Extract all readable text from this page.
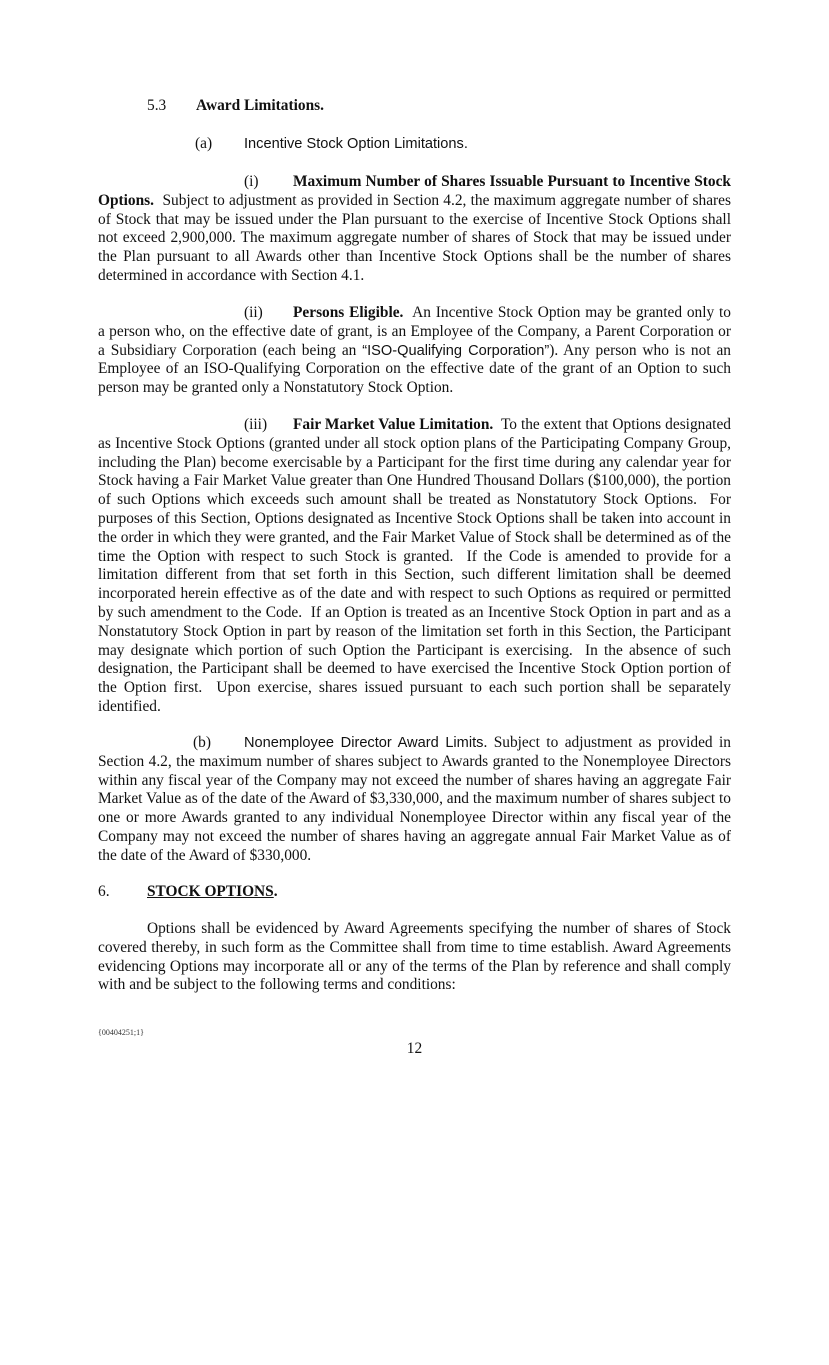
5.3 Award Limitations.
(a) Incentive Stock Option Limitations.
(i) Maximum Number of Shares Issuable Pursuant to Incentive Stock Options.  Subject to adjustment as provided in Section 4.2, the maximum aggregate number of shares of Stock that may be issued under the Plan pursuant to the exercise of Incentive Stock Options shall not exceed 2,900,000. The maximum aggregate number of shares of Stock that may be issued under the Plan pursuant to all Awards other than Incentive Stock Options shall be the number of shares determined in accordance with Section 4.1.
(ii) Persons Eligible.  An Incentive Stock Option may be granted only to a person who, on the effective date of grant, is an Employee of the Company, a Parent Corporation or a Subsidiary Corporation (each being an “ISO-Qualifying Corporation”). Any person who is not an Employee of an ISO-Qualifying Corporation on the effective date of the grant of an Option to such person may be granted only a Nonstatutory Stock Option.
(iii) Fair Market Value Limitation.  To the extent that Options designated as Incentive Stock Options (granted under all stock option plans of the Participating Company Group, including the Plan) become exercisable by a Participant for the first time during any calendar year for Stock having a Fair Market Value greater than One Hundred Thousand Dollars ($100,000), the portion of such Options which exceeds such amount shall be treated as Nonstatutory Stock Options.  For purposes of this Section, Options designated as Incentive Stock Options shall be taken into account in the order in which they were granted, and the Fair Market Value of Stock shall be determined as of the time the Option with respect to such Stock is granted.  If the Code is amended to provide for a limitation different from that set forth in this Section, such different limitation shall be deemed incorporated herein effective as of the date and with respect to such Options as required or permitted by such amendment to the Code.  If an Option is treated as an Incentive Stock Option in part and as a Nonstatutory Stock Option in part by reason of the limitation set forth in this Section, the Participant may designate which portion of such Option the Participant is exercising.  In the absence of such designation, the Participant shall be deemed to have exercised the Incentive Stock Option portion of the Option first.  Upon exercise, shares issued pursuant to each such portion shall be separately identified.
(b) Nonemployee Director Award Limits. Subject to adjustment as provided in Section 4.2, the maximum number of shares subject to Awards granted to the Nonemployee Directors within any fiscal year of the Company may not exceed the number of shares having an aggregate Fair Market Value as of the date of the Award of $3,330,000, and the maximum number of shares subject to one or more Awards granted to any individual Nonemployee Director within any fiscal year of the Company may not exceed the number of shares having an aggregate annual Fair Market Value as of the date of the Award of $330,000.
6. STOCK OPTIONS.
Options shall be evidenced by Award Agreements specifying the number of shares of Stock covered thereby, in such form as the Committee shall from time to time establish. Award Agreements evidencing Options may incorporate all or any of the terms of the Plan by reference and shall comply with and be subject to the following terms and conditions:
{00404251;1}
12
